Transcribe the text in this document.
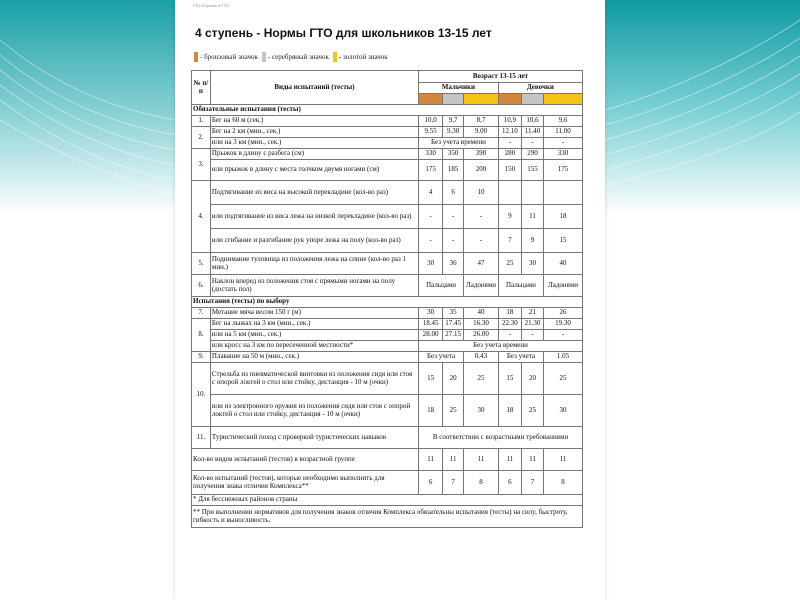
ГТО Ступень 4 ГТО
4 ступень - Нормы ГТО для школьников 13-15 лет
- бронзовый значок - серебряный значок - золотой значок
№ п/п	Виды испытаний (тесты)	Возраст 13-15 лет					
		Мальчики			Девочки		

Обязательные испытания (тесты)							
1.	Бег на 60 м (сек.)	10,0	9,7	8,7	10,9	10,6	9,6
2.	Бег на 2 км (мин., сек.)	9.55	9.30	9.00	12.10	11.40	11.00
	или на 3 км (мин., сек.)	Без учета времени			-	-	-
3.	Прыжок в длину с разбега (см)	330	350	390	280	290	330
	или прыжок в длину с места толчком двумя ногами (см)	175	185	200	150	155	175
4.	Подтягивание из виса на высокой перекладине (кол-во раз)	4	6	10			
	или подтягивание из виса лежа на низкой перекладине (кол-во раз)	-	-	-	9	11	18
	или сгибание и разгибание рук упоре лежа на полу (кол-во раз)	-	-	-	7	9	15
5.	Поднимание туловища из положения лежа на спине (кол-во раз 1 мин.)	30	36	47	25	30	40
6.	Наклон вперед из положения стоя с прямыми ногами на полу (достать пол)	Пальцами		Ладонями	Пальцами		Ладонями
Испытания (тесты) по выбору							
7.	Метание мяча весом 150 г (м)	30	35	40	18	21	26
8.	Бег на лыжах на 3 км (мин., сек.)	18.45	17.45	16.30	22.30	21.30	19.30
	или на 5 км (мин., сек.)	28.00	27.15	26.00	-	-	-
	или кросс на 3 км по пересеченной местности*	Без учета времени					
9.	Плавание на 50 м (мин., сек.)	Без учета		0.43	Без учета		1.05
10.	Стрельба из пневматической винтовки из положения сидя или стоя с опорой локтей о стол или стойку, дистанция - 10 м (очки)	15	20	25	15	20	25
	или из электронного оружия из положения сидя или стоя с опорой локтей о стол или стойку, дистанция - 10 м (очки)	18	25	30	18	25	30
11.	Туристический поход с проверкой туристических навыков	В соответствии с возрастными требованиями					
Кол-во видов испытаний (тестов) в возрастной группе		11	11	11	11	11	11
Кол-во испытаний (тестов), которые необходимо выполнить для получения знака отличия Комплекса**		6	7	8	6	7	8
* Для бесснежных районов страны							
** При выполнении нормативов для получения знаков отличия Комплекса обязательны испытания (тесты) на силу, быстроту, гибкость и выносливость.							
